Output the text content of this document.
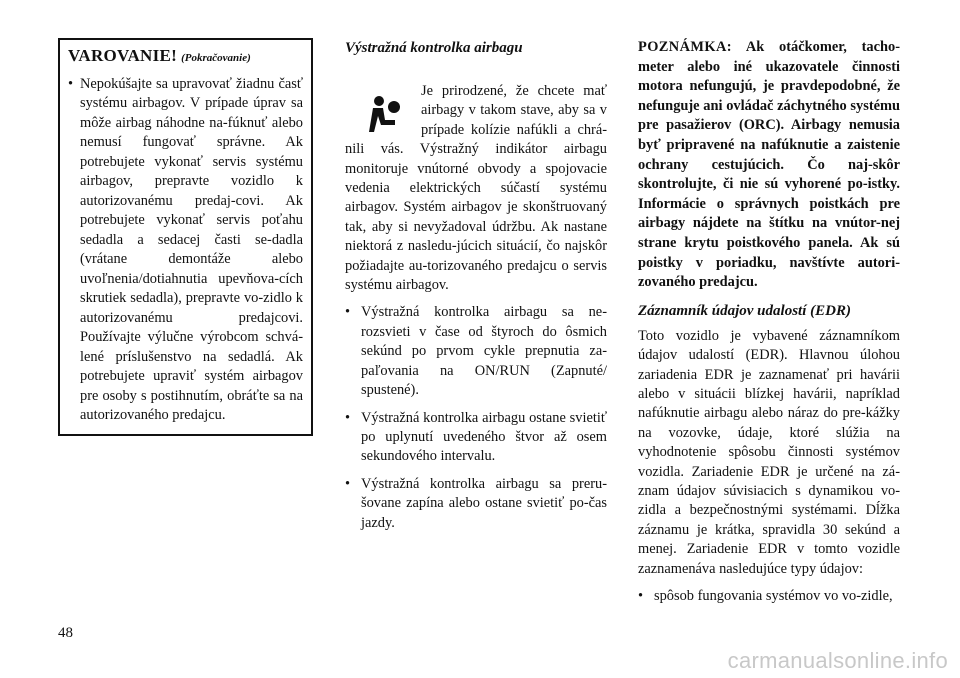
VAROVANIE! (Pokračovanie)
• Nepokúšajte sa upravovať žiadnu časť systému airbagov. V prípade úprav sa môže airbag náhodne na-fúknuť alebo nemusí fungovať správne. Ak potrebujete vykonať servis systému airbagov, prepravte vozidlo k autorizovanému predaj-covi. Ak potrebujete vykonať servis poťahu sedadla a sedacej časti se-dadla (vrátane demontáže alebo uvoľnenia/dotiahnutia upevňova-cích skrutiek sedadla), prepravte vo-zidlo k autorizovanému predajcovi. Používajte výlučne výrobcom schvá-lené príslušenstvo na sedadlá. Ak potrebujete upraviť systém airbagov pre osoby s postihnutím, obráťte sa na autorizovaného predajcu.
Výstražná kontrolka airbagu
Je prirodzené, že chcete mať airbagy v takom stave, aby sa v prípade kolízie nafúkli a chrá-nili vás. Výstražný indikátor airbagu monitoruje vnútorné obvody a spojovacie vedenia elektrických súčastí systému airbagov. Systém airbagov je skonštruovaný tak, aby si nevyžadoval údržbu. Ak nastane niektorá z nasledu-júcich situácií, čo najskôr požiadajte au-torizovaného predajcu o servis systému airbagov.
• Výstražná kontrolka airbagu sa ne-rozsvieti v čase od štyroch do ôsmich sekúnd po prvom cykle prepnutia za-paľovania na ON/RUN (Zapnuté/ spustené).
• Výstražná kontrolka airbagu ostane svietiť po uplynutí uvedeného štvor až osem sekundového intervalu.
• Výstražná kontrolka airbagu sa preru-šovane zapína alebo ostane svietiť po-čas jazdy.
POZNÁMKA: Ak otáčkomer, tacho-meter alebo iné ukazovatele činnosti motora nefungujú, je pravdepodobné, že nefunguje ani ovládač záchytného systému pre pasažierov (ORC). Airbagy nemusia byť pripravené na nafúknutie a zaistenie ochrany cestujúcich. Čo naj-skôr skontrolujte, či nie sú vyhorené po-istky. Informácie o správnych poistkách pre airbagy nájdete na štítku na vnútor-nej strane krytu poistkového panela. Ak sú poistky v poriadku, navštívte autori-zovaného predajcu.
Záznamník údajov udalostí (EDR)
Toto vozidlo je vybavené záznamníkom údajov udalostí (EDR). Hlavnou úlohou zariadenia EDR je zaznamenať pri havárii alebo v situácii blízkej havárii, napríklad nafúknutie airbagu alebo náraz do pre-kážky na vozovke, údaje, ktoré slúžia na vyhodnotenie spôsobu činnosti systémov vozidla. Zariadenie EDR je určené na zá-znam údajov súvisiacich s dynamikou vo-zidla a bezpečnostnými systémami. Dĺžka záznamu je krátka, spravidla 30 sekúnd a menej. Zariadenie EDR v tomto vozidle zaznamenáva nasledujúce typy údajov:
• spôsob fungovania systémov vo vo-zidle,
48
carmanualsonline.info
